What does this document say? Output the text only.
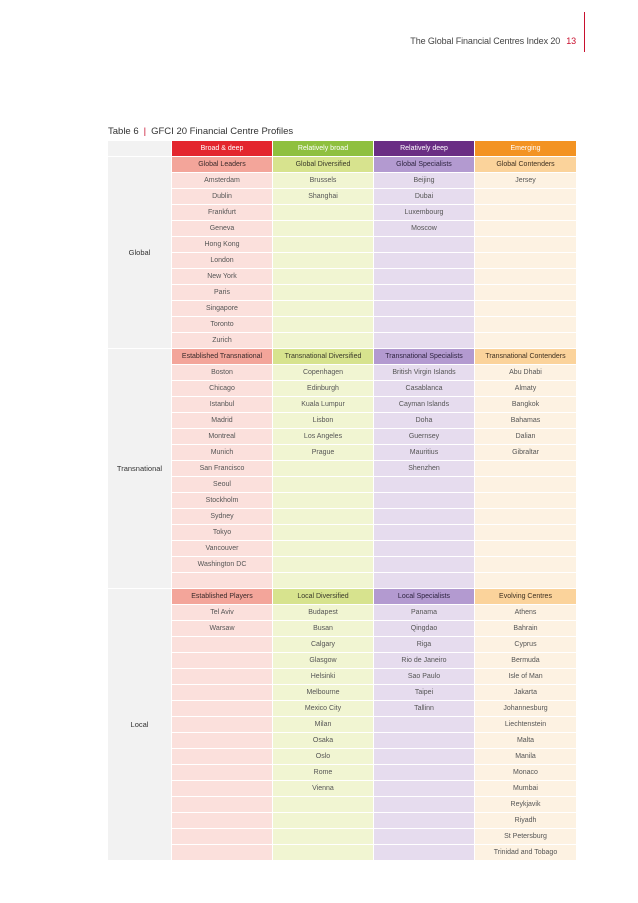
The Global Financial Centres Index 20 13
Table 6 | GFCI 20 Financial Centre Profiles
	Broad & deep	Relatively broad	Relatively deep	Emerging
Global	Global Leaders	Global Diversified	Global Specialists	Global Contenders
	Amsterdam	Brussels	Beijing	Jersey
	Dublin	Shanghai	Dubai	
	Frankfurt		Luxembourg	
	Geneva		Moscow	
	Hong Kong			
	London			
	New York			
	Paris			
	Singapore			
	Toronto			
	Zurich			
Transnational	Established Transnational	Transnational Diversified	Transnational Specialists	Transnational Contenders
	Boston	Copenhagen	British Virgin Islands	Abu Dhabi
	Chicago	Edinburgh	Casablanca	Almaty
	Istanbul	Kuala Lumpur	Cayman Islands	Bangkok
	Madrid	Lisbon	Doha	Bahamas
	Montreal	Los Angeles	Guernsey	Dalian
	Munich	Prague	Mauritius	Gibraltar
	San Francisco		Shenzhen	
	Seoul			
	Stockholm			
	Sydney			
	Tokyo			
	Vancouver			
	Washington DC			

Local	Established Players	Local Diversified	Local Specialists	Evolving Centres
	Tel Aviv	Budapest	Panama	Athens
	Warsaw	Busan	Qingdao	Bahrain
		Calgary	Riga	Cyprus
		Glasgow	Rio de Janeiro	Bermuda
		Helsinki	Sao Paulo	Isle of Man
		Melbourne	Taipei	Jakarta
		Mexico City	Tallinn	Johannesburg
		Milan		Liechtenstein
		Osaka		Malta
		Oslo		Manila
		Rome		Monaco
		Vienna		Mumbai
				Reykjavik
				Riyadh
				St Petersburg
				Trinidad and Tobago
